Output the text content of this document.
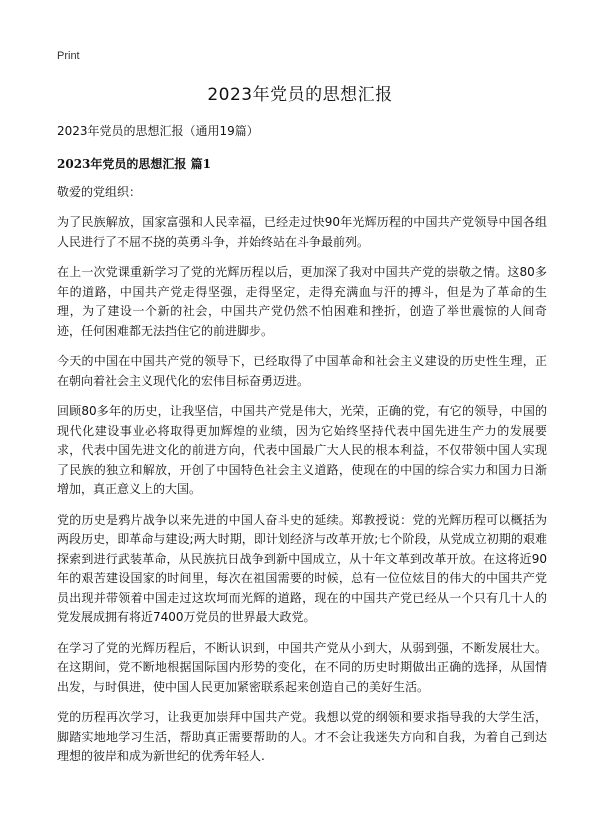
Print
2023年党员的思想汇报

2023年党员的思想汇报（通用19篇）

2023年党员的思想汇报 篇1

敬爱的党组织：

为了民族解放，国家富强和人民幸福，已经走过快90年光辉历程的中国共产党领导中国各组人民进行了不屈不挠的英勇斗争，并始终站在斗争最前列。

在上一次党课重新学习了党的光辉历程以后，更加深了我对中国共产党的崇敬之情。这80多年的道路，中国共产党走得坚强，走得坚定，走得充满血与汗的搏斗，但是为了革命的生理，为了建设一个新的社会，中国共产党仍然不怕困难和挫折，创造了举世震惊的人间奇迹，任何困难都无法挡住它的前进脚步。

今天的中国在中国共产党的领导下，已经取得了中国革命和社会主义建设的历史性生理，正在朝向着社会主义现代化的宏伟目标奋勇迈进。

回顾80多年的历史，让我坚信，中国共产党是伟大，光荣，正确的党，有它的领导，中国的现代化建设事业必将取得更加辉煌的业绩，因为它始终坚持代表中国先进生产力的发展要求，代表中国先进文化的前进方向，代表中国最广大人民的根本利益，不仅带领中国人实现了民族的独立和解放，开创了中国特色社会主义道路，使现在的中国的综合实力和国力日渐增加，真正意义上的大国。

党的历史是鸦片战争以来先进的中国人奋斗史的延续。郑教授说：党的光辉历程可以概括为两段历史，即革命与建设;两大时期，即计划经济与改革开放;七个阶段，从党成立初期的艰难探索到进行武装革命，从民族抗日战争到新中国成立，从十年文革到改革开放。在这将近90年的艰苦建设国家的时间里，每次在祖国需要的时候，总有一位位炫目的伟大的中国共产党员出现并带领着中国走过这坎坷而光辉的道路，现在的中国共产党已经从一个只有几十人的党发展成拥有将近7400万党员的世界最大政党。

在学习了党的光辉历程后，不断认识到，中国共产党从小到大，从弱到强，不断发展壮大。在这期间，党不断地根据国际国内形势的变化，在不同的历史时期做出正确的选择，从国情出发，与时俱进，使中国人民更加紧密联系起来创造自己的美好生活。

党的历程再次学习，让我更加崇拜中国共产党。我想以党的纲领和要求指导我的大学生活，脚踏实地地学习生活，帮助真正需要帮助的人。才不会让我迷失方向和自我，为着自己到达理想的彼岸和成为新世纪的优秀年轻人.
